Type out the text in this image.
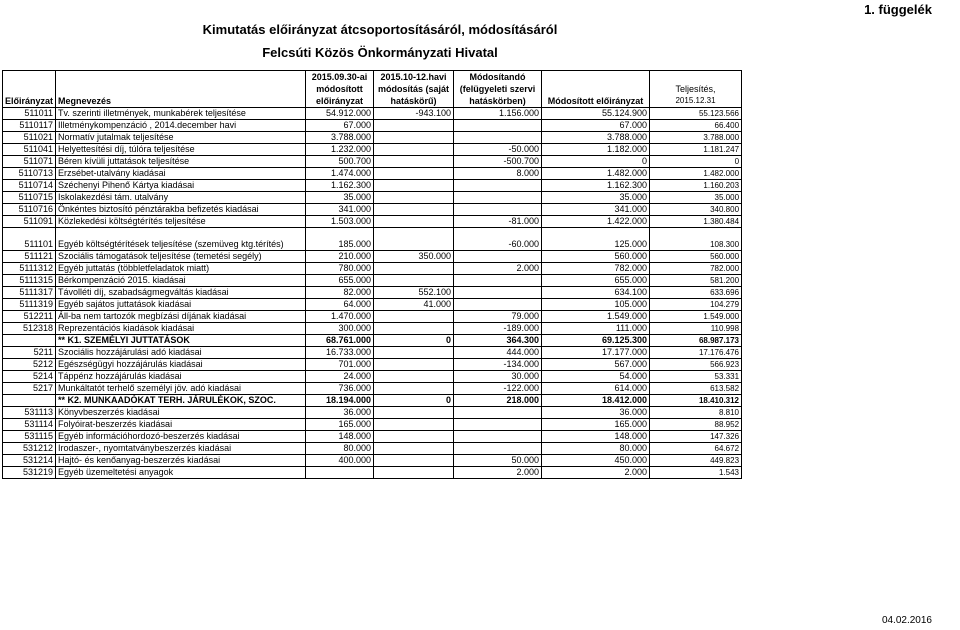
1. függelék
Kimutatás előirányzat átcsoportosításáról, módosításáról
Felcsúti Közös Önkormányzati Hivatal
Előirányzat	Megnevezés	2015.09.30-ai módosított előirányzat	2015.10-12.havi módosítás (saját hatáskörű)	Módosítandó (felügyeleti szervi hatáskörben)	Módosított előirányzat	Teljesítés,
2015.12.31

511011	Tv. szerinti illetmények, munkabérek teljesítése	54.912.000	-943.100	1.156.000	55.124.900	55.123.566
5110117	Illetménykompenzáció , 2014.december havi	67.000			67.000	66.400
511021	Normatív jutalmak teljesítése	3.788.000			3.788.000	3.788.000
511041	Helyettesítési díj, túlóra teljesítése	1.232.000		-50.000	1.182.000	1.181.247
511071	Béren kívüli juttatások teljesítése	500.700		-500.700	0	0
5110713	Erzsébet-utalvány kiadásai	1.474.000		8.000	1.482.000	1.482.000
5110714	Széchenyi Pihenő Kártya kiadásai	1.162.300			1.162.300	1.160.203
5110715	Iskolakezdési tám. utalvány	35.000			35.000	35.000
5110716	Önkéntes biztosító pénztárakba befizetés kiadásai	341.000			341.000	340.800
511091	Közlekedési költségtérítés teljesítése	1.503.000		-81.000	1.422.000	1.380.484
511101	Egyéb költségtérítések teljesítése (szemüveg ktg.térítés)	185.000		-60.000	125.000	108.300
511121	Szociális támogatások teljesítése (temetési segély)	210.000	350.000		560.000	560.000
5111312	Egyéb juttatás (többletfeladatok miatt)	780.000		2.000	782.000	782.000
5111315	Bérkompenzáció 2015. kiadásai	655.000			655.000	581.200
5111317	Távolléti díj, szabadságmegváltás kiadásai	82.000	552.100		634.100	633.696
5111319	Egyéb sajátos juttatások kiadásai	64.000	41.000		105.000	104.279
512211	Áll-ba nem tartozók megbízási díjának kiadásai	1.470.000		79.000	1.549.000	1.549.000
512318	Reprezentációs kiadások kiadásai	300.000		-189.000	111.000	110.998
	** K1. SZEMÉLYI JUTTATÁSOK	68.761.000	0	364.300	69.125.300	68.987.173
5211	Szociális hozzájárulási adó kiadásai	16.733.000		444.000	17.177.000	17.176.476
5212	Egészségügyi hozzájárulás kiadásai	701.000		-134.000	567.000	566.923
5214	Táppénz hozzájárulás kiadásai	24.000		30.000	54.000	53.331
5217	Munkáltatót terhelő személyi jöv. adó kiadásai	736.000		-122.000	614.000	613.582
	** K2. MUNKAADÓKAT TERH. JÁRULÉKOK, SZOC.	18.194.000	0	218.000	18.412.000	18.410.312
531113	Könyvbeszerzés kiadásai	36.000			36.000	8.810
531114	Folyóirat-beszerzés kiadásai	165.000			165.000	88.952
531115	Egyéb információhordozó-beszerzés kiadásai	148.000			148.000	147.326
531212	Irodaszer-, nyomtatványbeszerzés kiadásai	80.000			80.000	64.672
531214	Hajtó- és kenőanyag-beszerzés kiadásai	400.000		50.000	450.000	449.823
531219	Egyéb üzemeltetési anyagok			2.000	2.000	1.543
04.02.2016
